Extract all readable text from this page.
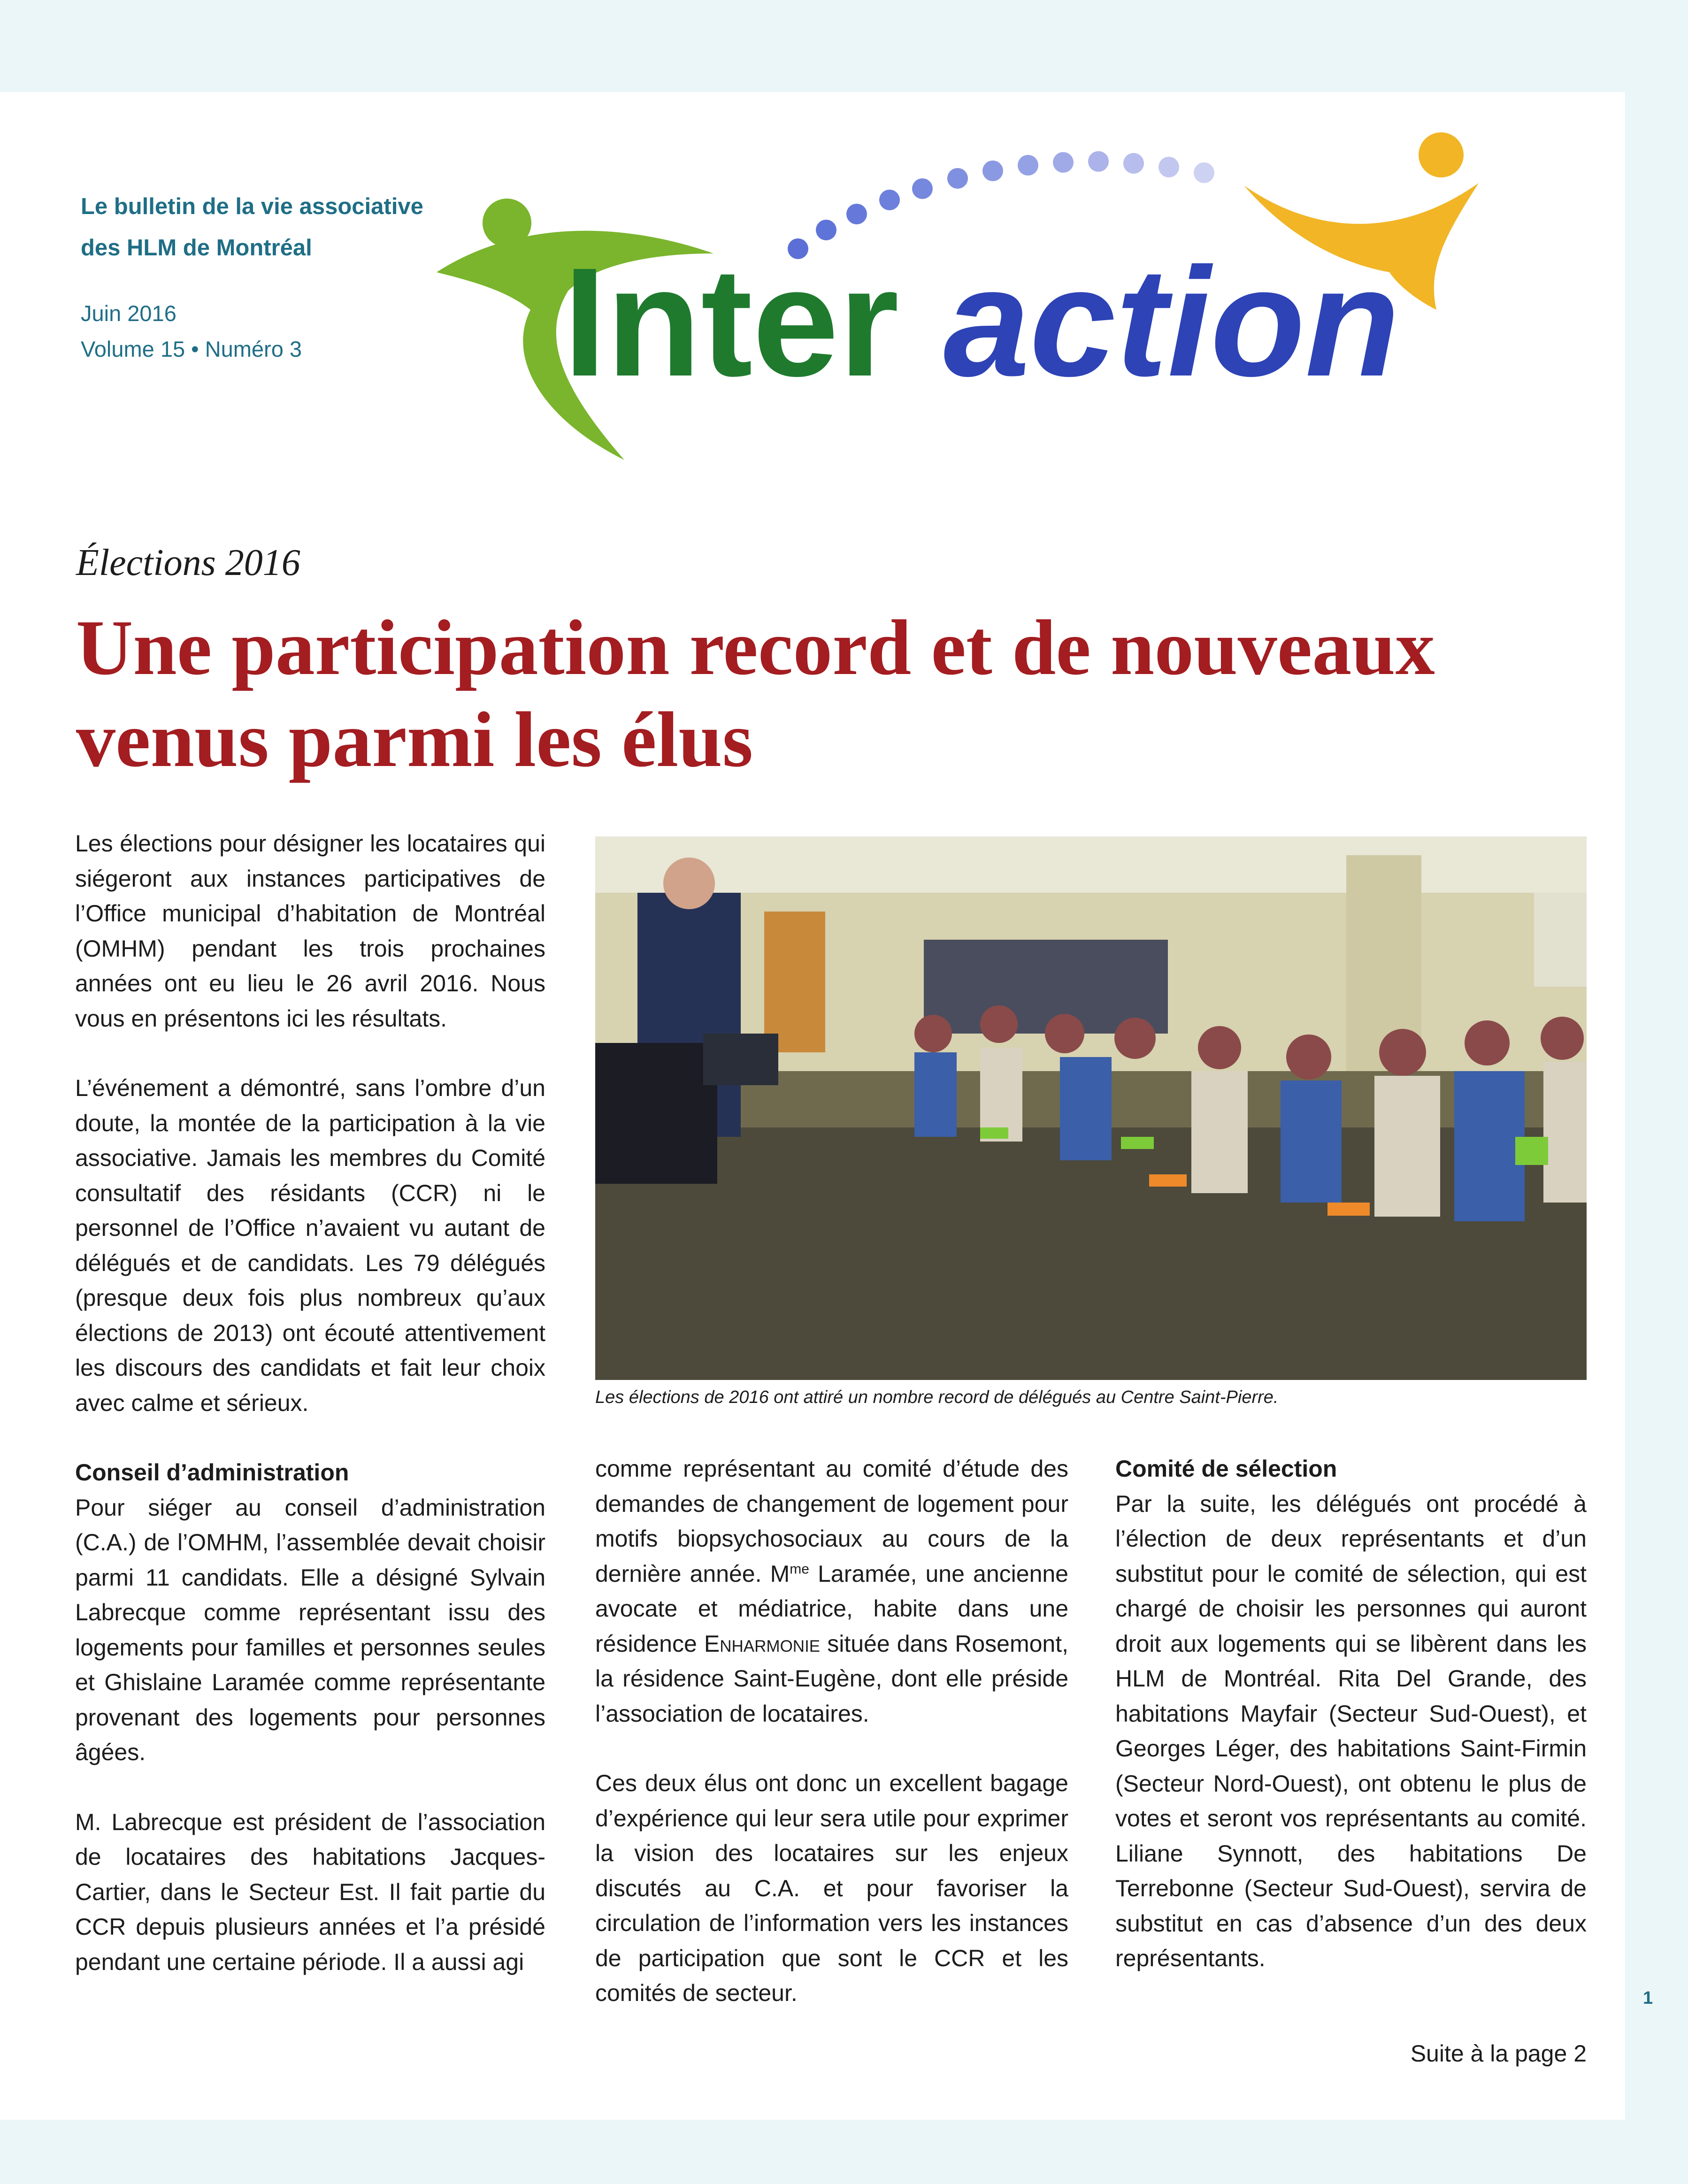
Le bulletin de la vie associative
des HLM de Montréal
Juin 2016
Volume 15 • Numéro 3	Inter action
Élections 2016
Une participation record et de nouveaux venus parmi les élus

Les élections pour désigner les locataires qui siégeront aux instances participatives de l’Office municipal d’habitation de Montréal (OMHM) pendant les trois prochaines années ont eu lieu le 26 avril 2016. Nous vous en présentons ici les résultats.

L’événement a démontré, sans l’ombre d’un doute, la montée de la participation à la vie associative. Jamais les membres du Comité consultatif des résidants (CCR) ni le personnel de l’Office n’avaient vu autant de délégués et de candidats. Les 79 délégués (presque deux fois plus nombreux qu’aux élections de 2013) ont écouté attentivement les discours des candidats et fait leur choix avec calme et sérieux.

Conseil d’administration

Pour siéger au conseil d’administration (C.A.) de l’OMHM, l’assemblée devait choisir parmi 11 candidats. Elle a désigné Sylvain Labrecque comme représentant issu des logements pour familles et personnes seules et Ghislaine Laramée comme représentante provenant des logements pour personnes âgées.

M. Labrecque est président de l’association de locataires des habitations Jacques-Cartier, dans le Secteur Est. Il fait partie du CCR depuis plusieurs années et l’a présidé pendant une certaine période. Il a aussi agi

Les élections de 2016 ont attiré un nombre record de délégués au Centre Saint-Pierre.

comme représentant au comité d’étude des demandes de changement de logement pour motifs biopsychosociaux au cours de la dernière année. $M^{me}$ Laramée, une ancienne avocate et médiatrice, habite dans une résidence Enharmonie située dans Rosemont, la résidence Saint-Eugène, dont elle préside l’association de locataires.

Ces deux élus ont donc un excellent bagage d’expérience qui leur sera utile pour exprimer la vision des locataires sur les enjeux discutés au C.A. et pour favoriser la circulation de l’information vers les instances de participation que sont le CCR et les comités de secteur.

Comité de sélection

Par la suite, les délégués ont procédé à l’élection de deux représentants et d’un substitut pour le comité de sélection, qui est chargé de choisir les personnes qui auront droit aux logements qui se libèrent dans les HLM de Montréal. Rita Del Grande, des habitations Mayfair (Secteur Sud-Ouest), et Georges Léger, des habitations Saint-Firmin (Secteur Nord-Ouest), ont obtenu le plus de votes et seront vos représentants au comité. Liliane Synnott, des habitations De Terrebonne (Secteur Sud-Ouest), servira de substitut en cas d’absence d’un des deux représentants.

Suite à la page 2
1
